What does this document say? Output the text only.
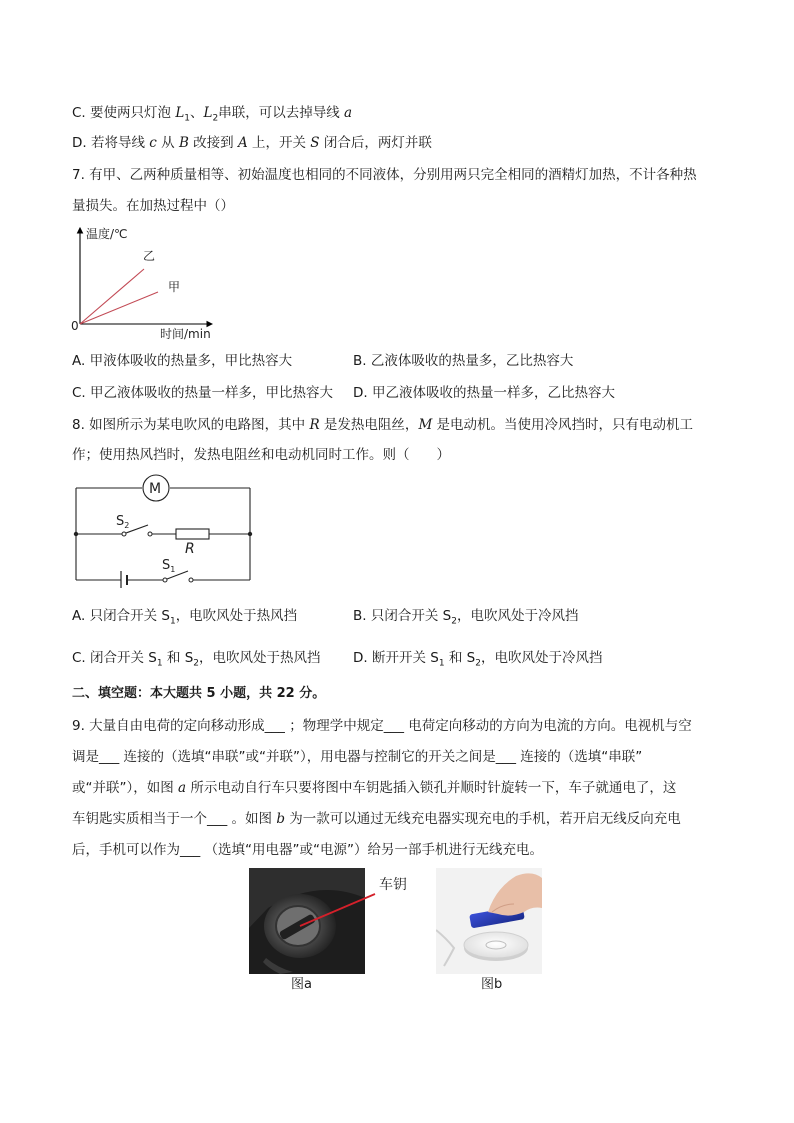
C. 要使两只灯泡 $L_1$、$L_2$串联，可以去掉导线 a
D. 若将导线 c 从 B 改接到 A 上，开关 S 闭合后，两灯并联
7. 有甲、乙两种质量相等、初始温度也相同的不同液体，分别用两只完全相同的酒精灯加热，不计各种热
量损失。在加热过程中（）
温度/℃
时间/min
0
乙
甲
A. 甲液体吸收的热量多，甲比热容大	B. 乙液体吸收的热量多，乙比热容大
C. 甲乙液体吸收的热量一样多，甲比热容大 D. 甲乙液体吸收的热量一样多，乙比热容大
8. 如图所示为某电吹风的电路图，其中 R 是发热电阻丝，M 是电动机。当使用冷风挡时，只有电动机工
作；使用热风挡时，发热电阻丝和电动机同时工作。则（　　）
M
$S_2$
R
$S_1$
A. 只闭合开关 $S_1$，电吹风处于热风挡	B. 只闭合开关 $S_2$，电吹风处于冷风挡
C. 闭合开关 $S_1$ 和 $S_2$，电吹风处于热风挡 D. 断开开关 $S_1$ 和 $S_2$，电吹风处于冷风挡
二、填空题：本大题共 5 小题，共 22 分。
9. 大量自由电荷的定向移动形成___ ；物理学中规定___ 电荷定向移动的方向为电流的方向。电视机与空
调是___ 连接的（选填“串联”或“并联”），用电器与控制它的开关之间是___ 连接的（选填“串联”
或“并联”），如图 a 所示电动自行车只要将图中车钥匙插入锁孔并顺时针旋转一下，车子就通电了，这
车钥匙实质相当于一个___ 。如图 b 为一款可以通过无线充电器实现充电的手机，若开启无线反向充电
后，手机可以作为___ （选填“用电器”或“电源”）给另一部手机进行无线充电。
车钥
图a	图b
